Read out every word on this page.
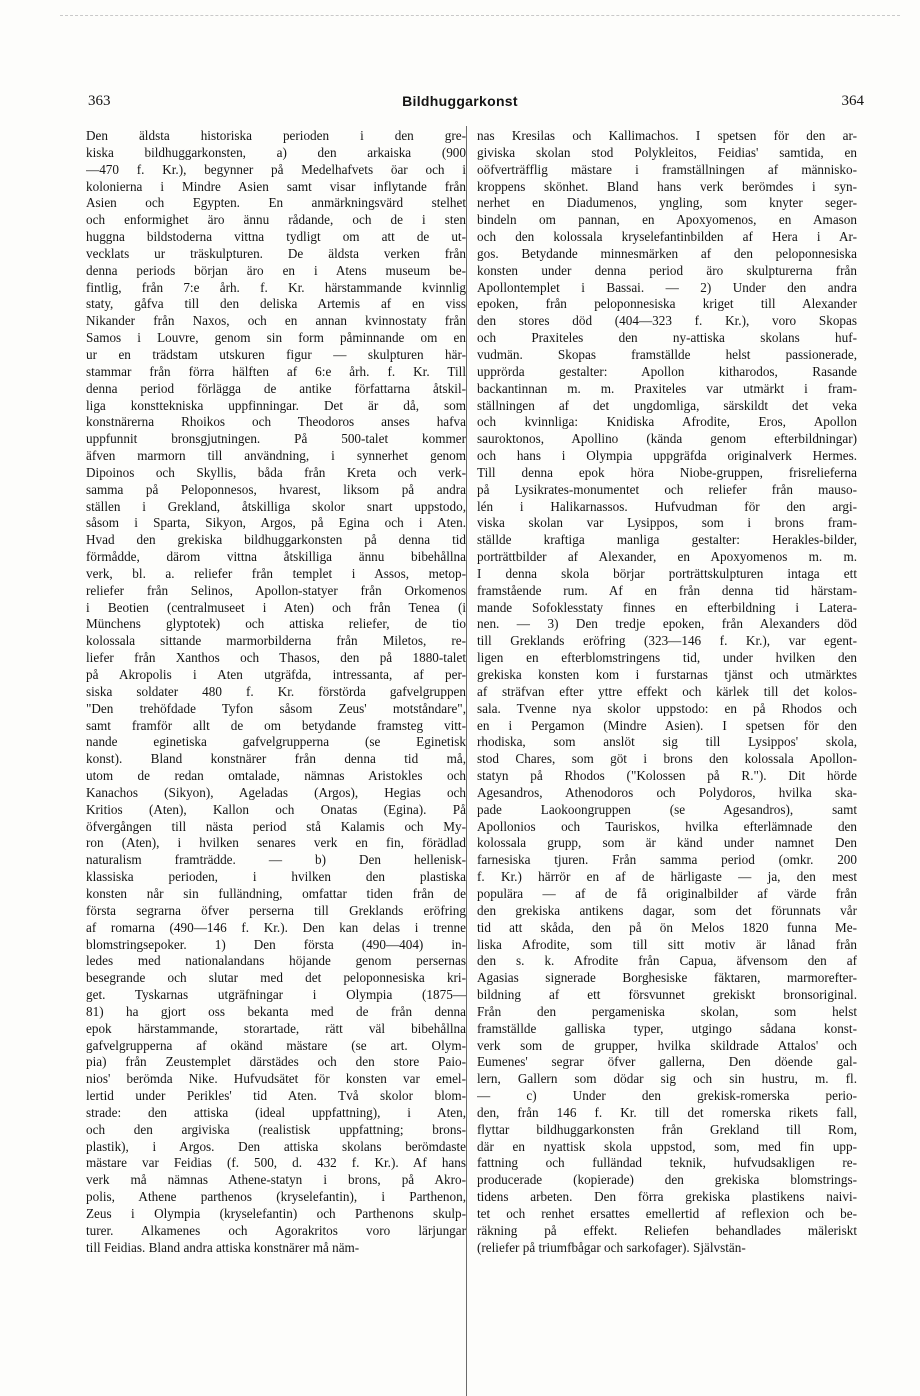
363	Bildhuggarkonst	364
Den äldsta historiska perioden i den gre-
kiska bildhuggarkonsten, a) den arkaiska (900
—470 f. Kr.), begynner på Medelhafvets öar och i
kolonierna i Mindre Asien samt visar inflytande från
Asien och Egypten. En anmärkningsvärd stelhet
och enformighet äro ännu rådande, och de i sten
huggna bildstoderna vittna tydligt om att de ut-
vecklats ur träskulpturen. De äldsta verken från
denna periods början äro en i Atens museum be-
fintlig, från 7:e årh. f. Kr. härstammande kvinnlig
staty, gåfva till den deliska Artemis af en viss
Nikander från Naxos, och en annan kvinnostaty från
Samos i Louvre, genom sin form påminnande om en
ur en trädstam utskuren figur — skulpturen här-
stammar från förra hälften af 6:e årh. f. Kr. Till
denna period förlägga de antike författarna åtskil-
liga konsttekniska uppfinningar. Det är då, som
konstnärerna Rhoikos och Theodoros anses hafva
uppfunnit bronsgjutningen. På 500-talet kommer
äfven marmorn till användning, i synnerhet genom
Dipoinos och Skyllis, båda från Kreta och verk-
samma på Peloponnesos, hvarest, liksom på andra
ställen i Grekland, åtskilliga skolor snart uppstodo,
såsom i Sparta, Sikyon, Argos, på Egina och i Aten.
Hvad den grekiska bildhuggarkonsten på denna tid
förmådde, därom vittna åtskilliga ännu bibehållna
verk, bl. a. reliefer från templet i Assos, metop-
reliefer från Selinos, Apollon-statyer från Orkomenos
i Beotien (centralmuseet i Aten) och från Tenea (i
Münchens glyptotek) och attiska reliefer, de tio
kolossala sittande marmorbilderna från Miletos, re-
liefer från Xanthos och Thasos, den på 1880-talet
på Akropolis i Aten utgräfda, intressanta, af per-
siska soldater 480 f. Kr. förstörda gafvelgruppen
"Den trehöfdade Tyfon såsom Zeus' motståndare",
samt framför allt de om betydande framsteg vitt-
nande eginetiska gafvelgrupperna (se Eginetisk
konst). Bland konstnärer från denna tid må,
utom de redan omtalade, nämnas Aristokles och
Kanachos (Sikyon), Ageladas (Argos), Hegias och
Kritios (Aten), Kallon och Onatas (Egina). På
öfvergången till nästa period stå Kalamis och My-
ron (Aten), i hvilken senares verk en fin, förädlad
naturalism framträdde. — b) Den hellenisk-
klassiska perioden, i hvilken den plastiska
konsten når sin fulländning, omfattar tiden från de
första segrarna öfver perserna till Greklands eröfring
af romarna (490—146 f. Kr.). Den kan delas i trenne
blomstringsepoker. 1) Den första (490—404) in-
ledes med nationalandans höjande genom persernas
besegrande och slutar med det peloponnesiska kri-
get. Tyskarnas utgräfningar i Olympia (1875—
81) ha gjort oss bekanta med de från denna
epok härstammande, storartade, rätt väl bibehållna
gafvelgrupperna af okänd mästare (se art. Olym-
pia) från Zeustemplet därstädes och den store Paio-
nios' berömda Nike. Hufvudsätet för konsten var emel-
lertid under Perikles' tid Aten. Två skolor blom-
strade: den attiska (ideal uppfattning), i Aten,
och den argiviska (realistisk uppfattning; brons-
plastik), i Argos. Den attiska skolans berömdaste
mästare var Feidias (f. 500, d. 432 f. Kr.). Af hans
verk må nämnas Athene-statyn i brons, på Akro-
polis, Athene parthenos (kryselefantin), i Parthenon,
Zeus i Olympia (kryselefantin) och Parthenons skulp-
turer. Alkamenes och Agorakritos voro lärjungar
till Feidias. Bland andra attiska konstnärer må näm-
nas Kresilas och Kallimachos. I spetsen för den ar-
giviska skolan stod Polykleitos, Feidias' samtida, en
oöfverträfflig mästare i framställningen af människo-
kroppens skönhet. Bland hans verk berömdes i syn-
nerhet en Diadumenos, yngling, som knyter seger-
bindeln om pannan, en Apoxyomenos, en Amason
och den kolossala kryselefantinbilden af Hera i Ar-
gos. Betydande minnesmärken af den peloponnesiska
konsten under denna period äro skulpturerna från
Apollontemplet i Bassai. — 2) Under den andra
epoken, från peloponnesiska kriget till Alexander
den stores död (404—323 f. Kr.), voro Skopas
och Praxiteles den ny-attiska skolans huf-
vudmän. Skopas framställde helst passionerade,
upprörda gestalter: Apollon kitharodos, Rasande
backantinnan m. m. Praxiteles var utmärkt i fram-
ställningen af det ungdomliga, särskildt det veka
och kvinnliga: Knidiska Afrodite, Eros, Apollon
sauroktonos, Apollino (kända genom efterbildningar)
och hans i Olympia uppgräfda originalverk Hermes.
Till denna epok höra Niobe-gruppen, frisrelieferna
på Lysikrates-monumentet och reliefer från mauso-
lén i Halikarnassos. Hufvudman för den argi-
viska skolan var Lysippos, som i brons fram-
ställde kraftiga manliga gestalter: Herakles-bilder,
porträttbilder af Alexander, en Apoxyomenos m. m.
I denna skola börjar porträttskulpturen intaga ett
framstående rum. Af en från denna tid härstam-
mande Sofoklesstaty finnes en efterbildning i Latera-
nen. — 3) Den tredje epoken, från Alexanders död
till Greklands eröfring (323—146 f. Kr.), var egent-
ligen en efterblomstringens tid, under hvilken den
grekiska konsten kom i furstarnas tjänst och utmärktes
af sträfvan efter yttre effekt och kärlek till det kolos-
sala. Tvenne nya skolor uppstodo: en på Rhodos och
en i Pergamon (Mindre Asien). I spetsen för den
rhodiska, som anslöt sig till Lysippos' skola,
stod Chares, som göt i brons den kolossala Apollon-
statyn på Rhodos ("Kolossen på R."). Dit hörde
Agesandros, Athenodoros och Polydoros, hvilka ska-
pade Laokoongruppen (se Agesandros), samt
Apollonios och Tauriskos, hvilka efterlämnade den
kolossala grupp, som är känd under namnet Den
farnesiska tjuren. Från samma period (omkr. 200
f. Kr.) härrör en af de härligaste — ja, den mest
populära — af de få originalbilder af värde från
den grekiska antikens dagar, som det förunnats vår
tid att skåda, den på ön Melos 1820 funna Me-
liska Afrodite, som till sitt motiv är lånad från
den s. k. Afrodite från Capua, äfvensom den af
Agasias signerade Borghesiske fäktaren, marmorefter-
bildning af ett försvunnet grekiskt bronsoriginal.
Från den pergameniska skolan, som helst
framställde galliska typer, utgingo sådana konst-
verk som de grupper, hvilka skildrade Attalos' och
Eumenes' segrar öfver gallerna, Den döende gal-
lern, Gallern som dödar sig och sin hustru, m. fl.
— c) Under den grekisk-romerska perio-
den, från 146 f. Kr. till det romerska rikets fall,
flyttar bildhuggarkonsten från Grekland till Rom,
där en nyattisk skola uppstod, som, med fin upp-
fattning och fulländad teknik, hufvudsakligen re-
producerade (kopierade) den grekiska blomstrings-
tidens arbeten. Den förra grekiska plastikens naivi-
tet och renhet ersattes emellertid af reflexion och be-
räkning på effekt. Reliefen behandlades mäleriskt
(reliefer på triumfbågar och sarkofager). Självstän-
